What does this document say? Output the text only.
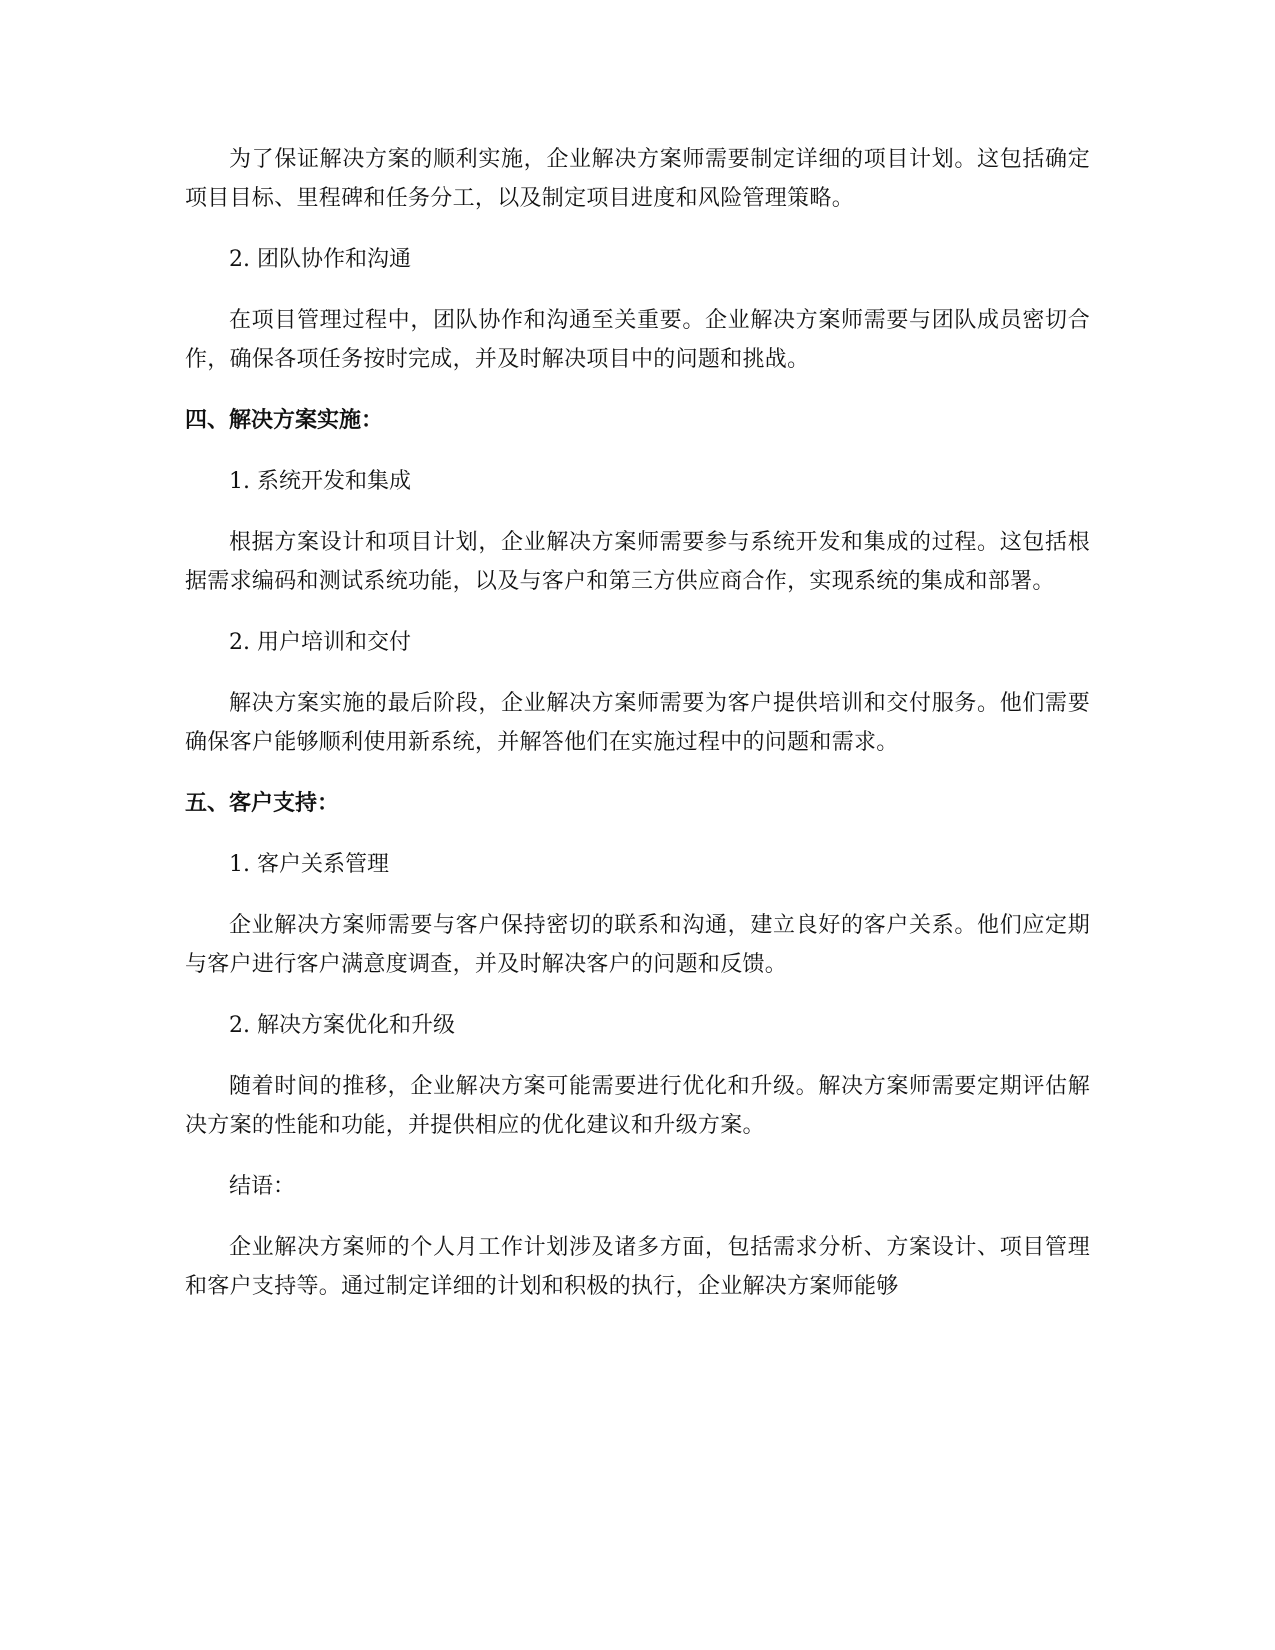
为了保证解决方案的顺利实施，企业解决方案师需要制定详细的项目计划。这包括确定项目目标、里程碑和任务分工，以及制定项目进度和风险管理策略。

2. 团队协作和沟通

在项目管理过程中，团队协作和沟通至关重要。企业解决方案师需要与团队成员密切合作，确保各项任务按时完成，并及时解决项目中的问题和挑战。

四、解决方案实施：

1. 系统开发和集成

根据方案设计和项目计划，企业解决方案师需要参与系统开发和集成的过程。这包括根据需求编码和测试系统功能，以及与客户和第三方供应商合作，实现系统的集成和部署。

2. 用户培训和交付

解决方案实施的最后阶段，企业解决方案师需要为客户提供培训和交付服务。他们需要确保客户能够顺利使用新系统，并解答他们在实施过程中的问题和需求。

五、客户支持：

1. 客户关系管理

企业解决方案师需要与客户保持密切的联系和沟通，建立良好的客户关系。他们应定期与客户进行客户满意度调查，并及时解决客户的问题和反馈。

2. 解决方案优化和升级

随着时间的推移，企业解决方案可能需要进行优化和升级。解决方案师需要定期评估解决方案的性能和功能，并提供相应的优化建议和升级方案。

结语：

企业解决方案师的个人月工作计划涉及诸多方面，包括需求分析、方案设计、项目管理和客户支持等。通过制定详细的计划和积极的执行，企业解决方案师能够
